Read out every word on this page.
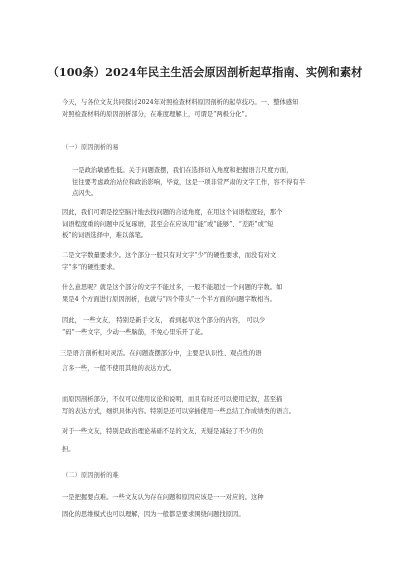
（100条）2024年民主生活会原因剖析起草指南、实例和素材
今天，与各位文友共同探讨2024年对照检查材料原因剖析的起草技巧。一、整体感知
对照检查材料的原因剖析部分，在难度理解上，可谓是“两极分化”。
（一）原因剖析的易
一是政治敏感性低。关于问题查摆，我们在选择切入角度和把握语言尺度方面，
往往要考虑政治站位和政治影响，毕竟，这是一项非常严肃的文字工作，容不得有半
点闪失。
因此，我们可谓是挖空脑汁地去找问题的合适角度，在用这个词语程度轻，那个
词语程度重的问题中反复琢磨，甚至会在应该用“能”或“能够”、“差距”或“短
板”的词语选择中，难以落笔。
二是文字数量要求少。这个部分一般只有对文字“少”的硬性要求，而没有对文
字“多”的硬性要求。
什么意思呢？就是这个部分的文字不能过多，一般不能超过一个问题的字数。如
果是4 个方面进行原因剖析，也就与“四个带头”一个半方面的问题字数相当。
因此， 一些文友， 特别是新手文友， 看到起草这个部分的内容， 可以少
“码”一些文字，少动一些脑筋，不免心里乐开了花。
三是语言剖析相对灵活。在问题查摆部分中，主要是认识性、观点性的语
言多一些，一般不使用其他的表达方式。
而原因剖析部分，不仅可以使用议论和说明，而且有时还可以使用记叙，甚至描
写的表达方式，细织具体内容。特别是还可以穿插使用一些总结工作成绩类的语言。
对于一些文友，特别是政治理论基础不足的文友，无疑是减轻了不少的负
担。
（二）原因剖析的难
一是把握要点难。一些文友认为存在问题和原因应该是一一对应的。这种
固化的思维模式也可以理解，因为一般都是要求围绕问题找原因。
